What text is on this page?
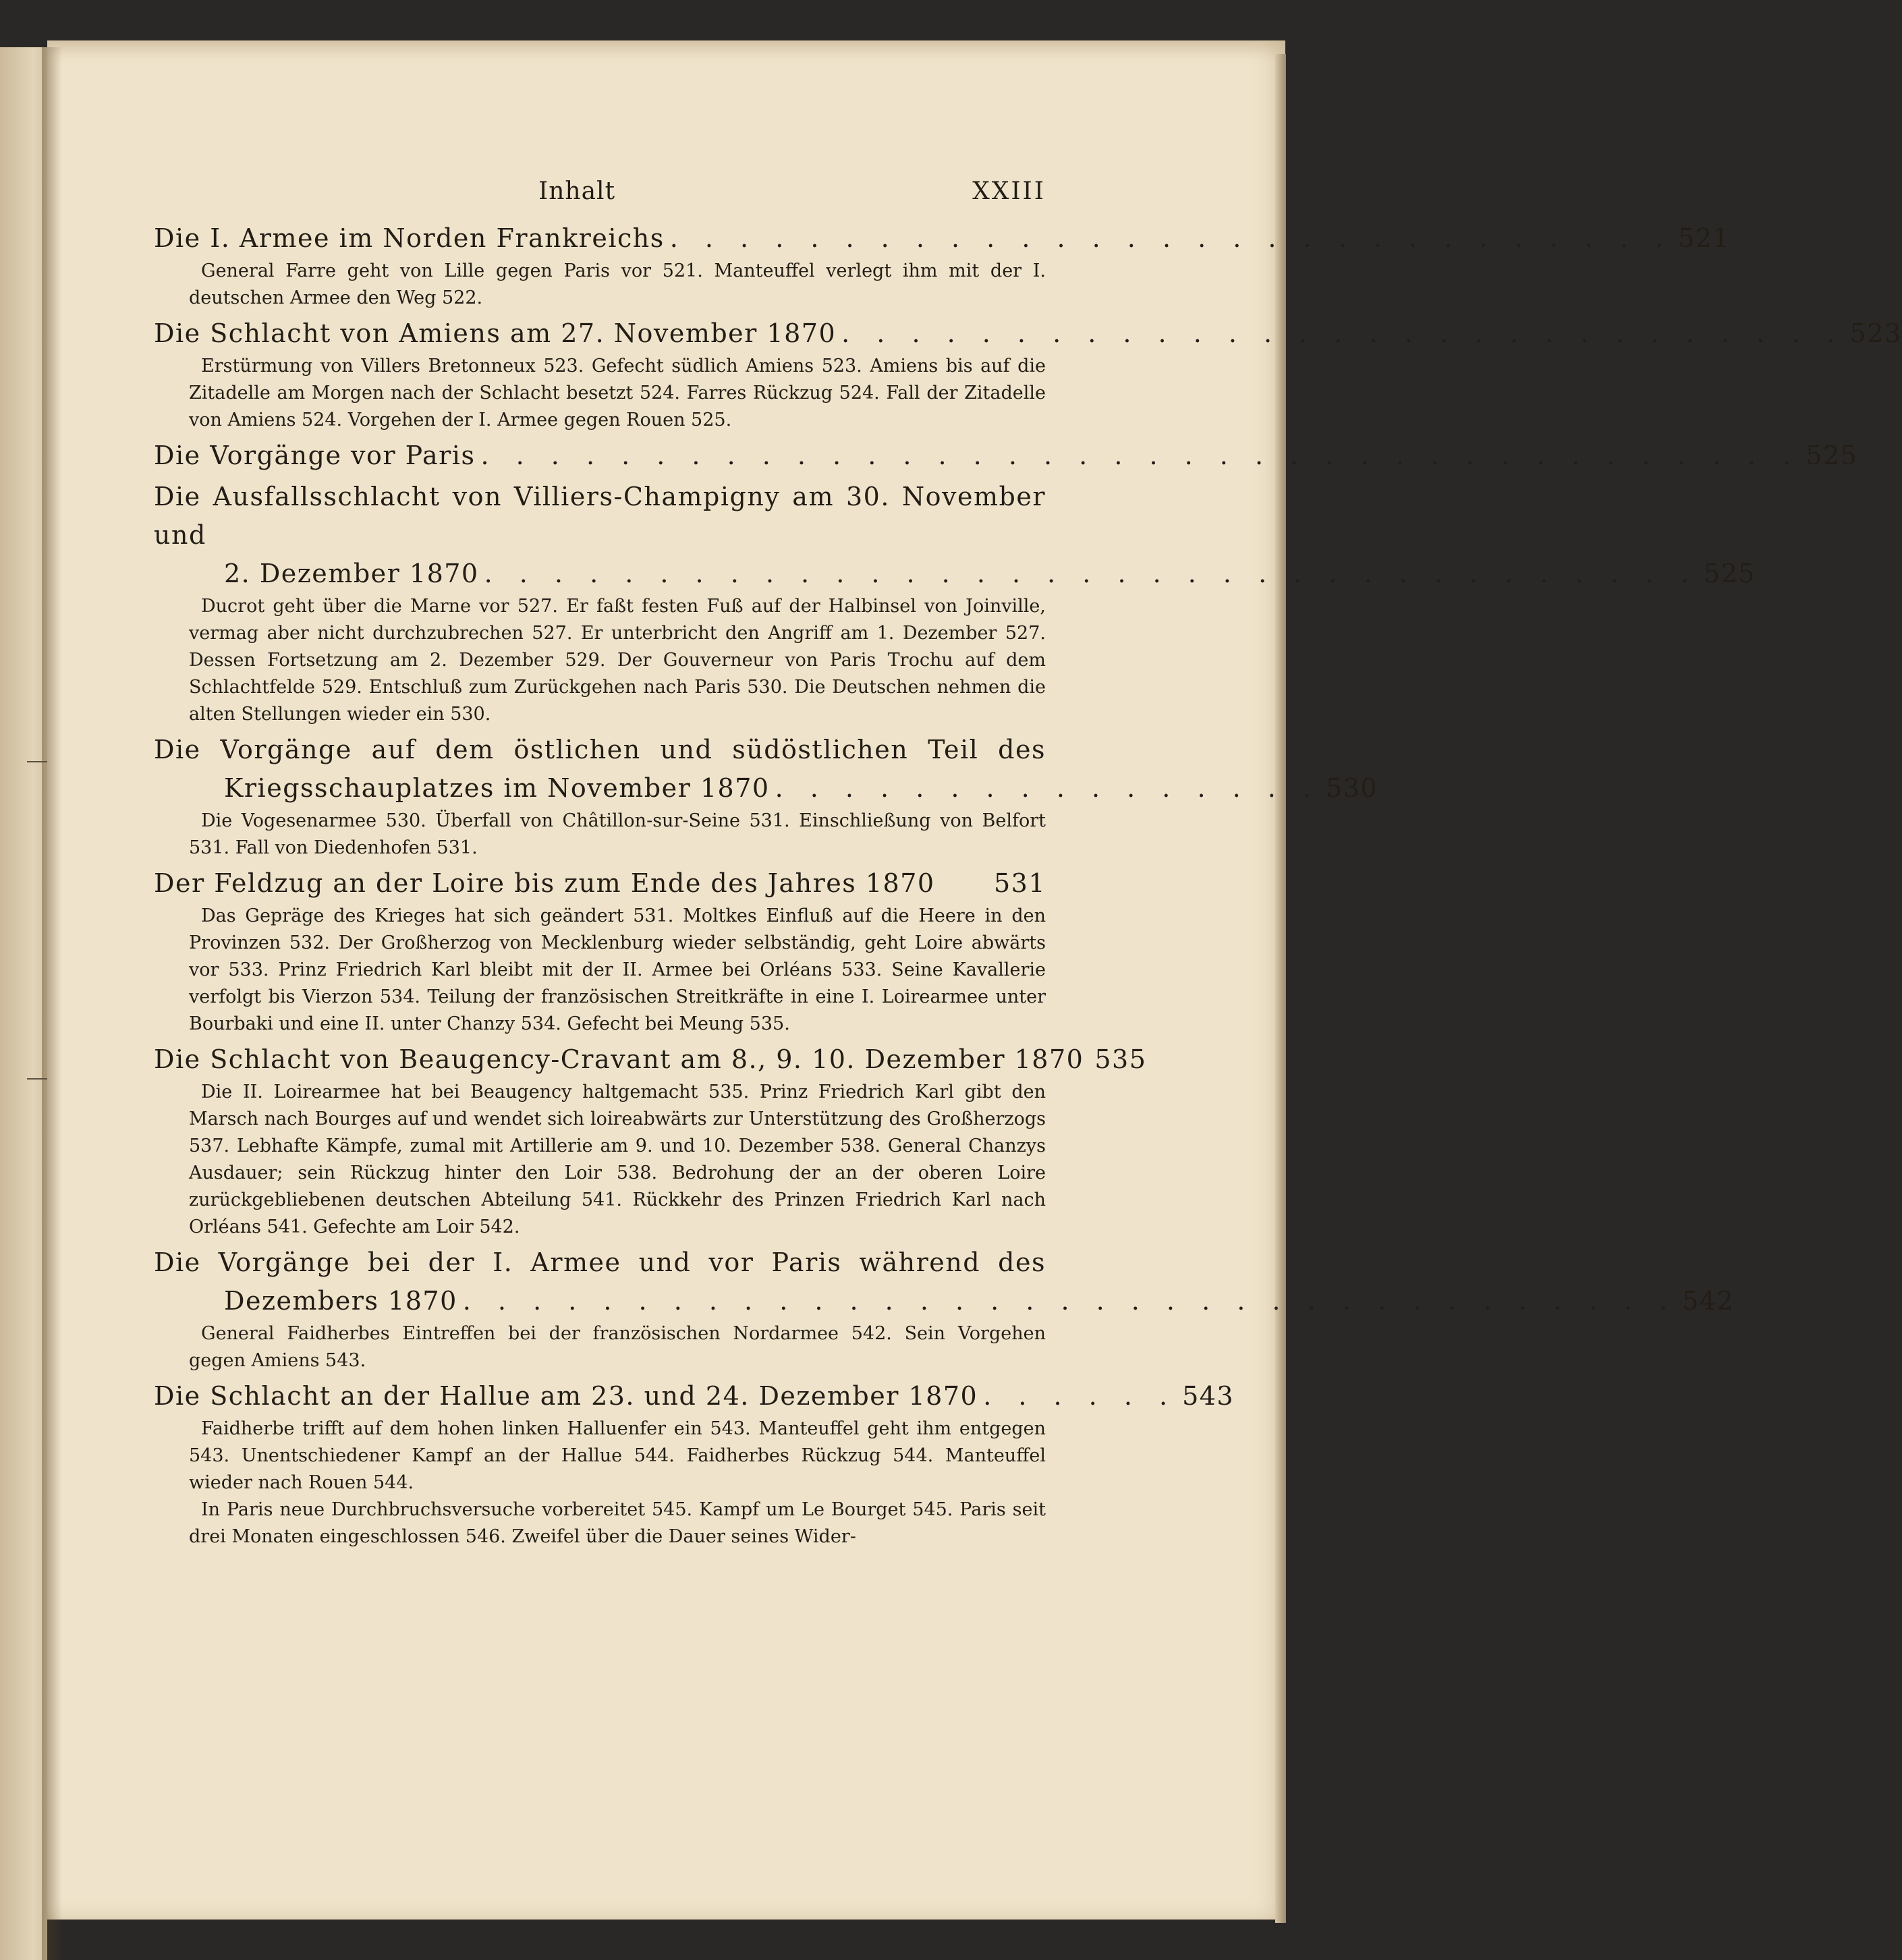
Inhalt	XXIII
Die I. Armee im Norden Frankreichs . . . . . . . . . . . . . . . . . . . . . . . . . . . . . 521

General Farre geht von Lille gegen Paris vor 521. Manteuffel verlegt ihm mit der I. deutschen Armee den Weg 522.

Die Schlacht von Amiens am 27. November 1870 . . . . . . . . . . . . . . . . . . . . . . . . . . . . . 523

Erstürmung von Villers Bretonneux 523. Gefecht südlich Amiens 523. Amiens bis auf die Zitadelle am Morgen nach der Schlacht besetzt 524. Farres Rückzug 524. Fall der Zitadelle von Amiens 524. Vorgehen der I. Armee gegen Rouen 525.

Die Vorgänge vor Paris . . . . . . . . . . . . . . . . . . . . . . . . . . . . . . . . . . . . . . 525
Die Ausfallsschlacht von Villiers-Champigny am 30. November und
2. Dezember 1870 . . . . . . . . . . . . . . . . . . . . . . . . . . . . . . . . . . . 525

Ducrot geht über die Marne vor 527. Er faßt festen Fuß auf der Halbinsel von Joinville, vermag aber nicht durchzubrechen 527. Er unterbricht den Angriff am 1. Dezember 527. Dessen Fortsetzung am 2. Dezember 529. Der Gouverneur von Paris Trochu auf dem Schlachtfelde 529. Entschluß zum Zurückgehen nach Paris 530. Die Deutschen nehmen die alten Stellungen wieder ein 530.

Die Vorgänge auf dem östlichen und südöstlichen Teil des
Kriegsschauplatzes im November 1870 . . . . . . . . . . . . . . . . 530

Die Vogesenarmee 530. Überfall von Châtillon-sur-Seine 531. Einschließung von Belfort 531. Fall von Diedenhofen 531.

Der Feldzug an der Loire bis zum Ende des Jahres 1870 531

Das Gepräge des Krieges hat sich geändert 531. Moltkes Einfluß auf die Heere in den Provinzen 532. Der Großherzog von Mecklenburg wieder selbständig, geht Loire abwärts vor 533. Prinz Friedrich Karl bleibt mit der II. Armee bei Orléans 533. Seine Kavallerie verfolgt bis Vierzon 534. Teilung der französischen Streitkräfte in eine I. Loirearmee unter Bourbaki und eine II. unter Chanzy 534. Gefecht bei Meung 535.

Die Schlacht von Beaugency-Cravant am 8., 9. 10. Dezember 1870 535

Die II. Loirearmee hat bei Beaugency haltgemacht 535. Prinz Friedrich Karl gibt den Marsch nach Bourges auf und wendet sich loireabwärts zur Unterstützung des Großherzogs 537. Lebhafte Kämpfe, zumal mit Artillerie am 9. und 10. Dezember 538. General Chanzys Ausdauer; sein Rückzug hinter den Loir 538. Bedrohung der an der oberen Loire zurückgebliebenen deutschen Abteilung 541. Rückkehr des Prinzen Friedrich Karl nach Orléans 541. Gefechte am Loir 542.

Die Vorgänge bei der I. Armee und vor Paris während des
Dezembers 1870 . . . . . . . . . . . . . . . . . . . . . . . . . . . . . . . . . . . 542

General Faidherbes Eintreffen bei der französischen Nordarmee 542. Sein Vorgehen gegen Amiens 543.

Die Schlacht an der Hallue am 23. und 24. Dezember 1870 . . . . . . 543

Faidherbe trifft auf dem hohen linken Halluenfer ein 543. Manteuffel geht ihm entgegen 543. Unentschiedener Kampf an der Hallue 544. Faidherbes Rückzug 544. Manteuffel wieder nach Rouen 544.

In Paris neue Durchbruchsversuche vorbereitet 545. Kampf um Le Bourget 545. Paris seit drei Monaten eingeschlossen 546. Zweifel über die Dauer seines Wider-
